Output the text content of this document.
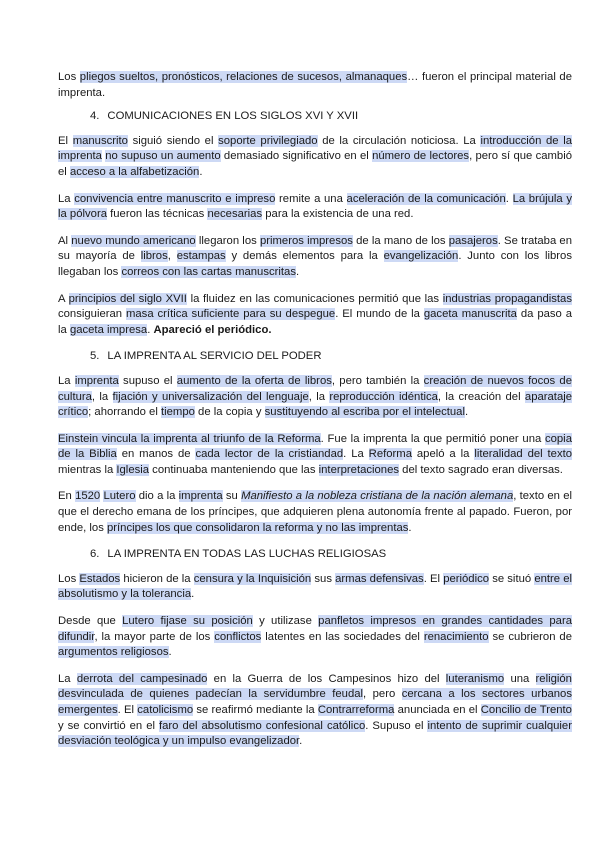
Los pliegos sueltos, pronósticos, relaciones de sucesos, almanaques… fueron el principal material de imprenta.

4. COMUNICACIONES EN LOS SIGLOS XVI Y XVII

El manuscrito siguió siendo el soporte privilegiado de la circulación noticiosa. La introducción de la imprenta no supuso un aumento demasiado significativo en el número de lectores, pero sí que cambió el acceso a la alfabetización.

La convivencia entre manuscrito e impreso remite a una aceleración de la comunicación. La brújula y la pólvora fueron las técnicas necesarias para la existencia de una red.

Al nuevo mundo americano llegaron los primeros impresos de la mano de los pasajeros. Se trataba en su mayoría de libros, estampas y demás elementos para la evangelización. Junto con los libros llegaban los correos con las cartas manuscritas.

A principios del siglo XVII la fluidez en las comunicaciones permitió que las industrias propagandistas consiguieran masa crítica suficiente para su despegue. El mundo de la gaceta manuscrita da paso a la gaceta impresa. Apareció el periódico.

5. LA IMPRENTA AL SERVICIO DEL PODER

La imprenta supuso el aumento de la oferta de libros, pero también la creación de nuevos focos de cultura, la fijación y universalización del lenguaje, la reproducción idéntica, la creación del aparataje crítico; ahorrando el tiempo de la copia y sustituyendo al escriba por el intelectual.

Einstein vincula la imprenta al triunfo de la Reforma. Fue la imprenta la que permitió poner una copia de la Biblia en manos de cada lector de la cristiandad. La Reforma apeló a la literalidad del texto mientras la Iglesia continuaba manteniendo que las interpretaciones del texto sagrado eran diversas.

En 1520 Lutero dio a la imprenta su Manifiesto a la nobleza cristiana de la nación alemana, texto en el que el derecho emana de los príncipes, que adquieren plena autonomía frente al papado. Fueron, por ende, los príncipes los que consolidaron la reforma y no las imprentas.

6. LA IMPRENTA EN TODAS LAS LUCHAS RELIGIOSAS

Los Estados hicieron de la censura y la Inquisición sus armas defensivas. El periódico se situó entre el absolutismo y la tolerancia.

Desde que Lutero fijase su posición y utilizase panfletos impresos en grandes cantidades para difundir, la mayor parte de los conflictos latentes en las sociedades del renacimiento se cubrieron de argumentos religiosos.

La derrota del campesinado en la Guerra de los Campesinos hizo del luteranismo una religión desvinculada de quienes padecían la servidumbre feudal, pero cercana a los sectores urbanos emergentes. El catolicismo se reafirmó mediante la Contrarreforma anunciada en el Concilio de Trento y se convirtió en el faro del absolutismo confesional católico. Supuso el intento de suprimir cualquier desviación teológica y un impulso evangelizador.
